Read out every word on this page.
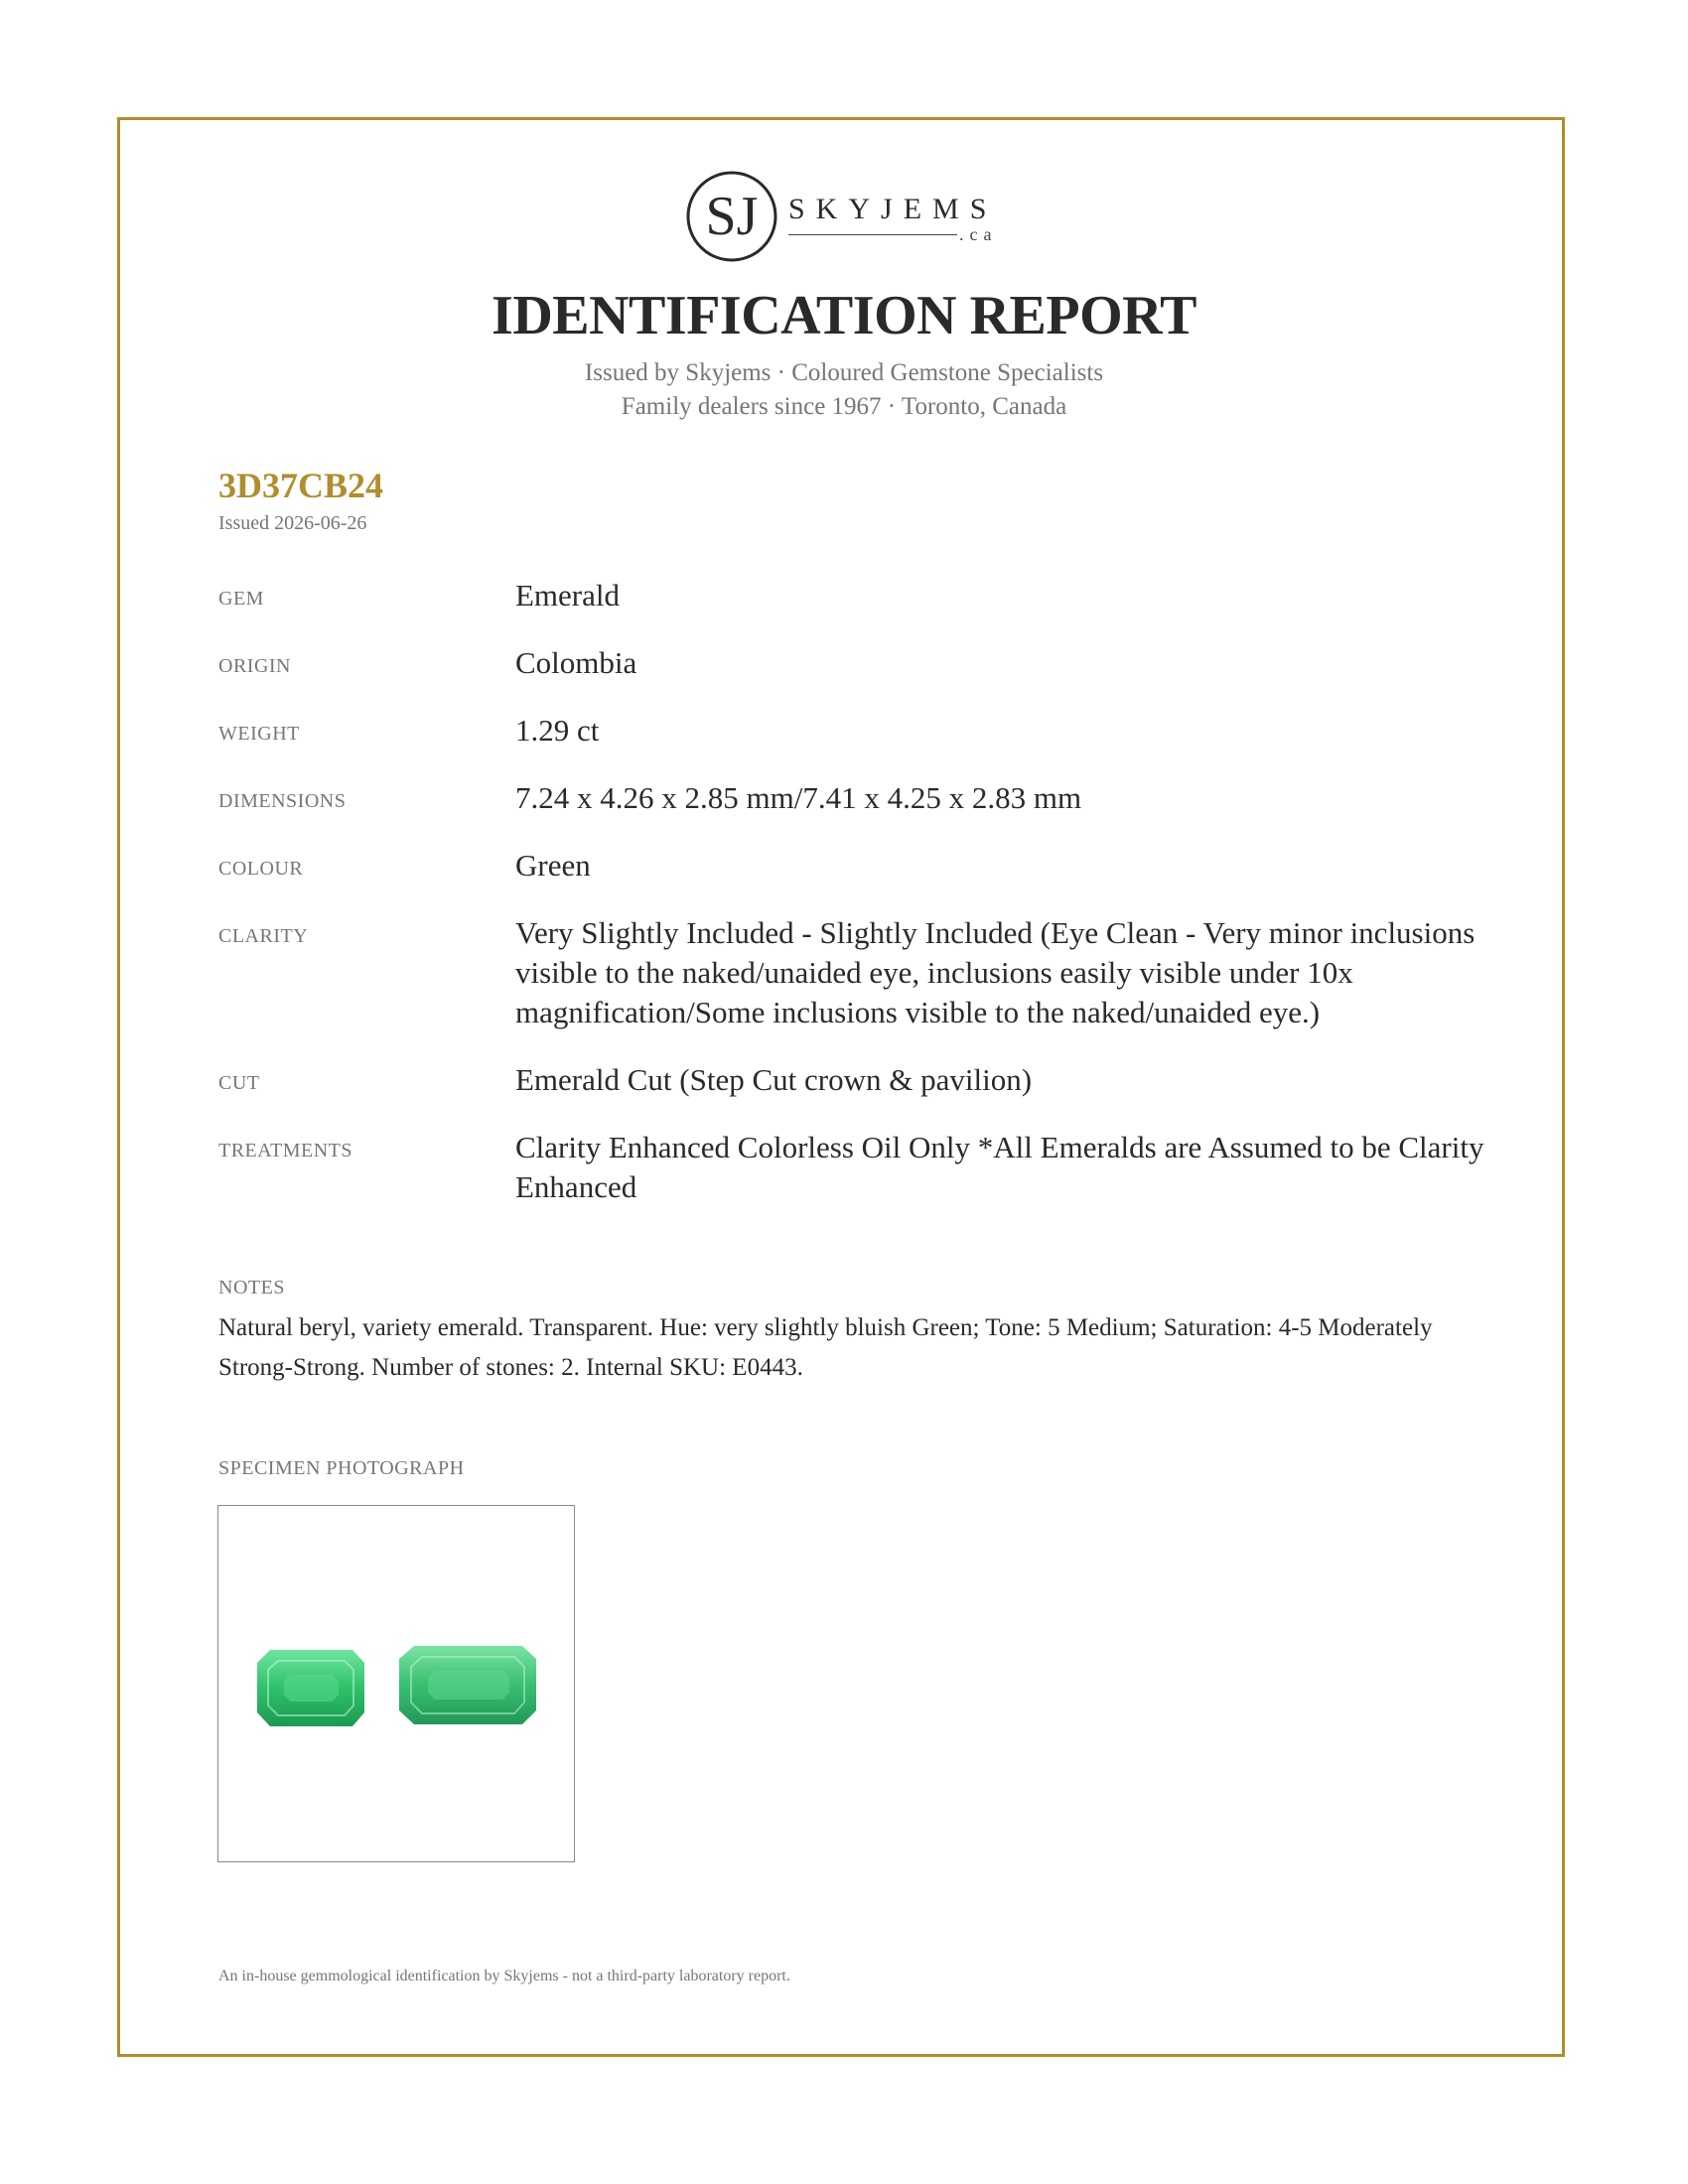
SJ SKYJEMS
.ca
IDENTIFICATION REPORT
Issued by Skyjems · Coloured Gemstone Specialists
Family dealers since 1967 · Toronto, Canada
3D37CB24
Issued 2026-06-26
GEM	Emerald
ORIGIN	Colombia
WEIGHT	1.29 ct
DIMENSIONS	7.24 x 4.26 x 2.85 mm/7.41 x 4.25 x 2.83 mm
COLOUR	Green
CLARITY	Very Slightly Included - Slightly Included (Eye Clean - Very minor inclusions visible to the naked/unaided eye, inclusions easily visible under 10x magnification/Some inclusions visible to the naked/unaided eye.)
CUT	Emerald Cut (Step Cut crown & pavilion)
TREATMENTS	Clarity Enhanced Colorless Oil Only *All Emeralds are Assumed to be Clarity Enhanced
NOTES
Natural beryl, variety emerald. Transparent. Hue: very slightly bluish Green; Tone: 5 Medium; Saturation: 4-5 Moderately Strong-Strong. Number of stones: 2. Internal SKU: E0443.
SPECIMEN PHOTOGRAPH
An in-house gemmological identification by Skyjems - not a third-party laboratory report.
